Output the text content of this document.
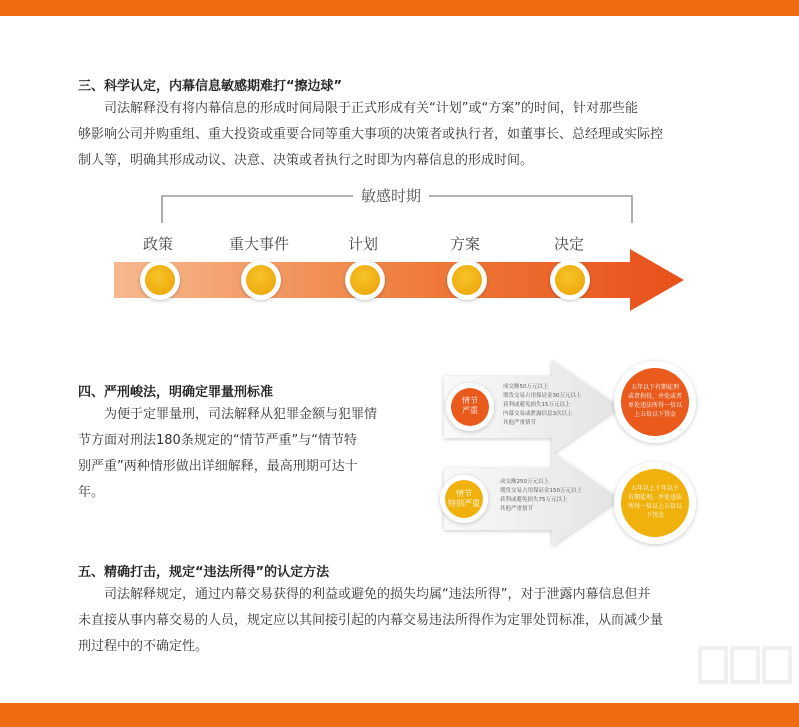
三、科学认定，内幕信息敏感期难打“擦边球”

司法解释没有将内幕信息的形成时间局限于正式形成有关“计划”或“方案”的时间，针对那些能

够影响公司并购重组、重大投资或重要合同等重大事项的决策者或执行者，如董事长、总经理或实际控

制人等，明确其形成动议、决意、决策或者执行之时即为内幕信息的形成时间。

敏感时期
政策	重大事件	计划	方案	决定
四、严刑峻法，明确定罪量刑标准

为便于定罪量刑，司法解释从犯罪金额与犯罪情

节方面对刑法180条规定的“情节严重”与“情节特

别严重”两种情形做出详细解释，最高刑期可达十

年。

情节严重
成交额50万元以上
期货交易占用保证金30万元以上
获利或避免损失15万元以上
内幕交易或泄露信息3次以上
其他严重情节
五年以下有期徒刑
或者拘役，并处或者
单处违法所得一倍以
上五倍以下罚金
情节特别严重
成交额250万元以上
期货交易占用保证金150万元以上
获利或避免损失75万元以上
其他严重情节
五年以上十年以下
有期徒刑，并处违法
所得一倍以上五倍以
下罚金
五、精确打击，规定“违法所得”的认定方法

司法解释规定，通过内幕交易获得的利益或避免的损失均属“违法所得”，对于泄露内幕信息但并

未直接从事内幕交易的人员，规定应以其间接引起的内幕交易违法所得作为定罪处罚标准，从而减少量

刑过程中的不确定性。
